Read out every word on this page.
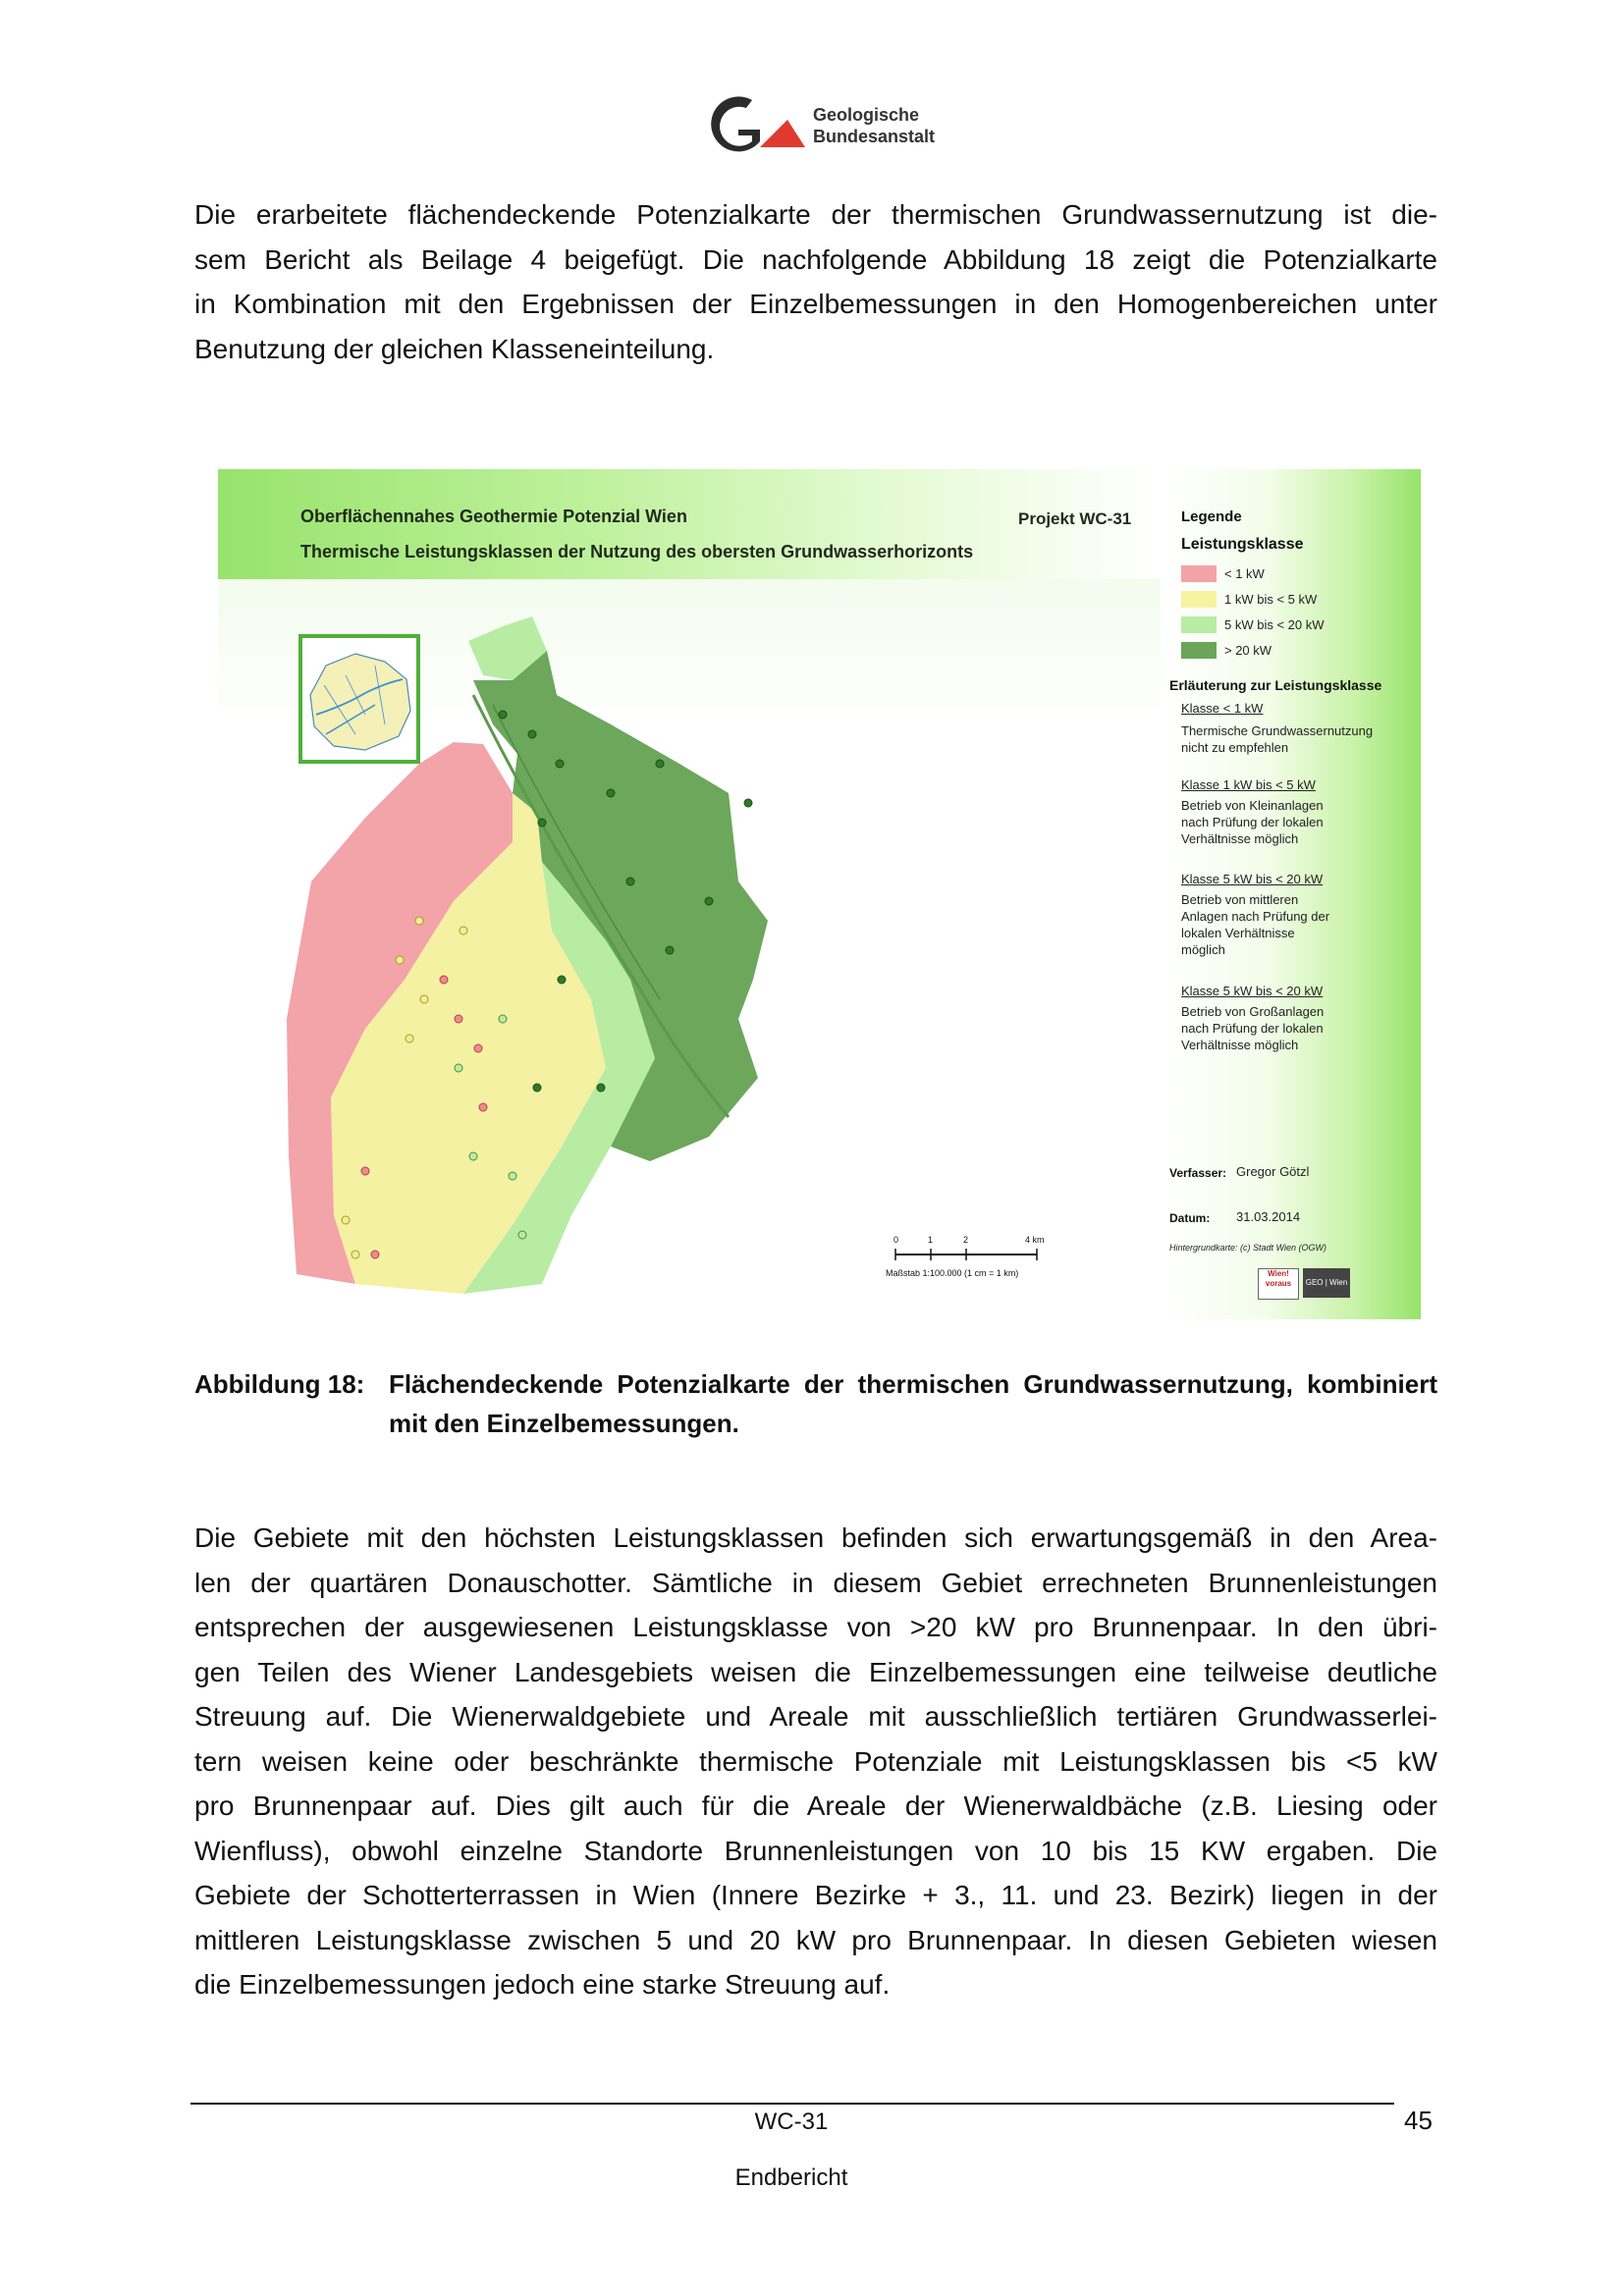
Geologische
Bundesanstalt

Die erarbeitete flächendeckende Potenzialkarte der thermischen Grundwassernutzung ist die-

sem Bericht als Beilage 4 beigefügt. Die nachfolgende Abbildung 18 zeigt die Potenzialkarte

in Kombination mit den Ergebnissen der Einzelbemessungen in den Homogenbereichen unter

Benutzung der gleichen Klasseneinteilung.

Oberflächennahes Geothermie Potenzial Wien
Thermische Leistungsklassen der Nutzung des obersten Grundwasserhorizonts
Projekt WC-31
0	1	2	4 km
Maßstab 1:100.000 (1 cm = 1 km)
Legende
Leistungsklasse
< 1 kW
1 kW bis < 5 kW
5 kW bis < 20 kW
> 20 kW
Erläuterung zur Leistungsklasse
Klasse < 1 kW
Thermische Grundwassernutzung nicht zu empfehlen
Klasse 1 kW bis < 5 kW
Betrieb von Kleinanlagen nach Prüfung der lokalen Verhältnisse möglich
Klasse 5 kW bis < 20 kW
Betrieb von mittleren Anlagen nach Prüfung der lokalen Verhältnisse möglich
Klasse 5 kW bis < 20 kW
Betrieb von Großanlagen nach Prüfung der lokalen Verhältnisse möglich
Verfasser: Gregor Götzl
Datum: 31.03.2014
Hintergrundkarte: (c) Stadt Wien (OGW)
Wien! voraus	GEO | Wien
Abbildung 18: Flächendeckende Potenzialkarte der thermischen Grundwassernutzung, kombiniert mit den Einzelbemessungen.

Die Gebiete mit den höchsten Leistungsklassen befinden sich erwartungsgemäß in den Area-

len der quartären Donauschotter. Sämtliche in diesem Gebiet errechneten Brunnenleistungen

entsprechen der ausgewiesenen Leistungsklasse von >20 kW pro Brunnenpaar. In den übri-

gen Teilen des Wiener Landesgebiets weisen die Einzelbemessungen eine teilweise deutliche

Streuung auf. Die Wienerwaldgebiete und Areale mit ausschließlich tertiären Grundwasserlei-

tern weisen keine oder beschränkte thermische Potenziale mit Leistungsklassen bis <5 kW

pro Brunnenpaar auf. Dies gilt auch für die Areale der Wienerwaldbäche (z.B. Liesing oder

Wienfluss), obwohl einzelne Standorte Brunnenleistungen von 10 bis 15 KW ergaben. Die

Gebiete der Schotterterrassen in Wien (Innere Bezirke + 3., 11. und 23. Bezirk) liegen in der

mittleren Leistungsklasse zwischen 5 und 20 kW pro Brunnenpaar. In diesen Gebieten wiesen

die Einzelbemessungen jedoch eine starke Streuung auf.

WC-31	45
Endbericht
